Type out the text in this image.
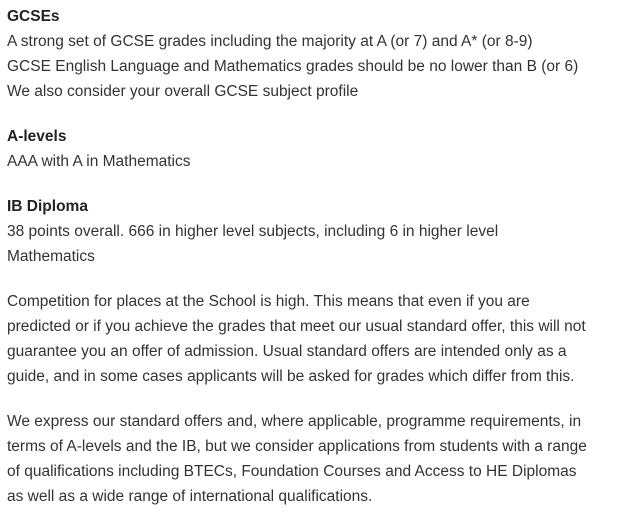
GCSEs
A strong set of GCSE grades including the majority at A (or 7) and A* (or 8-9)
GCSE English Language and Mathematics grades should be no lower than B (or 6)
We also consider your overall GCSE subject profile
A-levels
AAA with A in Mathematics
IB Diploma
38 points overall. 666 in higher level subjects, including 6 in higher level
Mathematics

Competition for places at the School is high. This means that even if you are
predicted or if you achieve the grades that meet our usual standard offer, this will not
guarantee you an offer of admission. Usual standard offers are intended only as a
guide, and in some cases applicants will be asked for grades which differ from this.

We express our standard offers and, where applicable, programme requirements, in
terms of A-levels and the IB, but we consider applications from students with a range
of qualifications including BTECs, Foundation Courses and Access to HE Diplomas
as well as a wide range of international qualifications.
